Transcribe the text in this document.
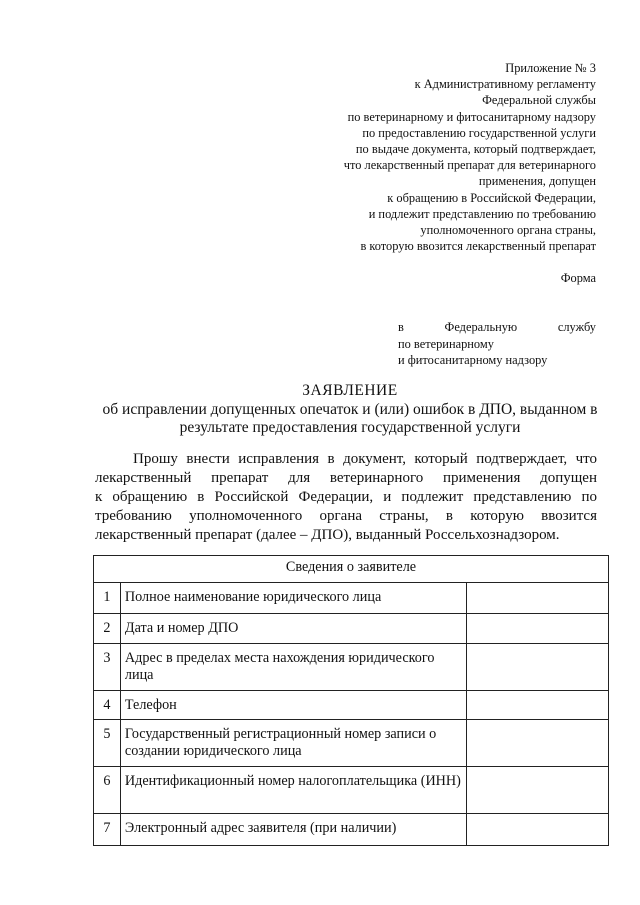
Приложение № 3
к Административному регламенту
Федеральной службы
по ветеринарному и фитосанитарному надзору
по предоставлению государственной услуги
по выдаче документа, который подтверждает,
что лекарственный препарат для ветеринарного
применения, допущен
к обращению в Российской Федерации,
и подлежит представлению по требованию
уполномоченного органа страны,
в которую ввозится лекарственный препарат
Форма
в Федеральную службу
по ветеринарному
и фитосанитарному надзору
ЗАЯВЛЕНИЕ
об исправлении допущенных опечаток и (или) ошибок в ДПО, выданном в
результате предоставления государственной услуги
Прошу внести исправления в документ, который подтверждает, что
лекарственный препарат для ветеринарного применения допущен
к обращению в Российской Федерации, и подлежит представлению по
требованию уполномоченного органа страны, в которую ввозится
лекарственный препарат (далее – ДПО), выданный Россельхознадзором.
Сведения о заявителе		
1	Полное наименование юридического лица	
2	Дата и номер ДПО	
3	Адрес в пределах места нахождения юридического лица	
4	Телефон	
5	Государственный регистрационный номер записи о создании юридического лица	
6	Идентификационный номер налогоплательщика (ИНН)	
7	Электронный адрес заявителя (при наличии)	
